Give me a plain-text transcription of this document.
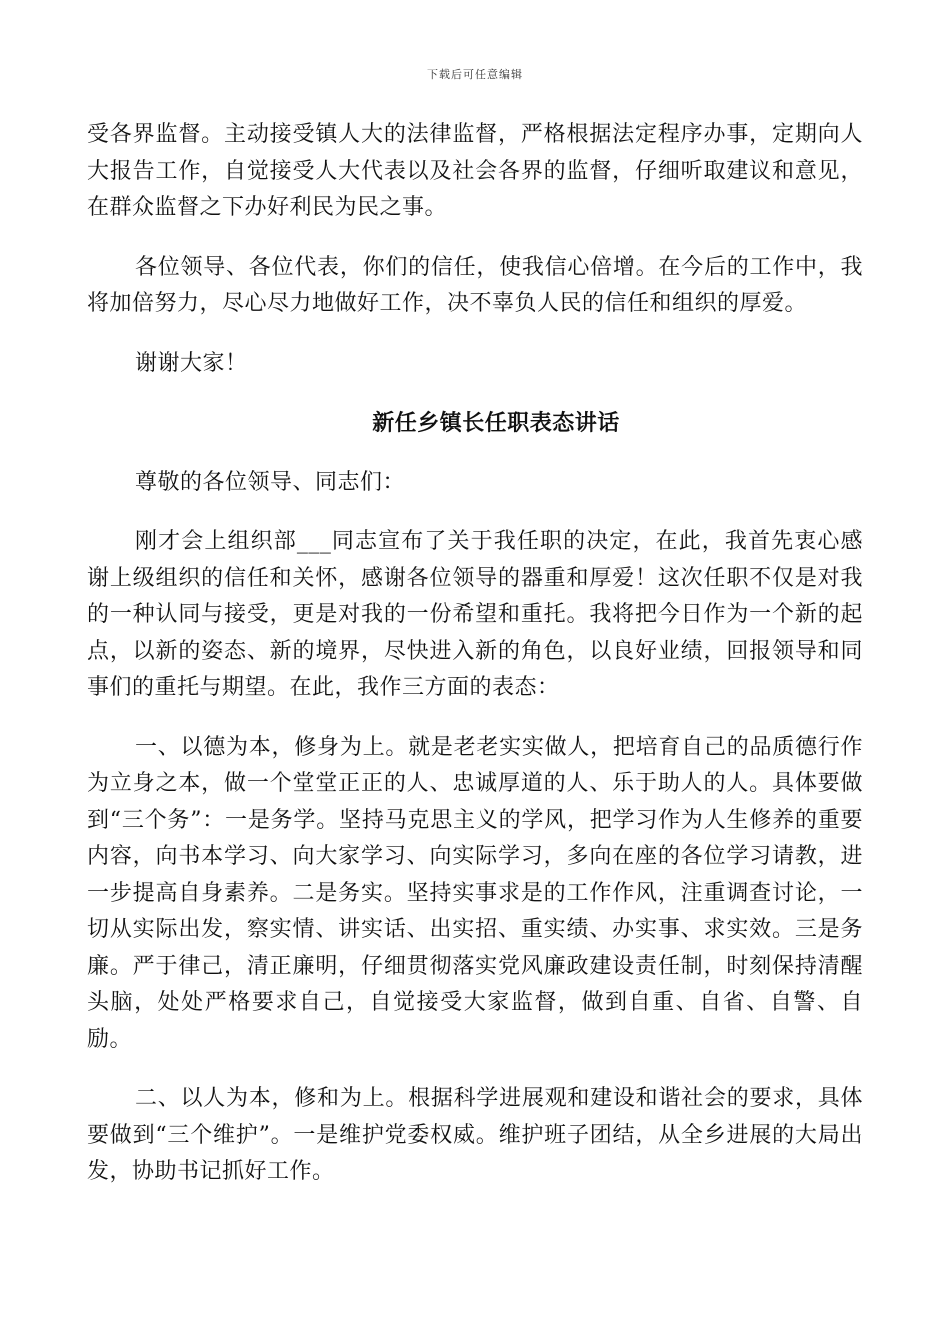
下载后可任意编辑

受各界监督。主动接受镇人大的法律监督，严格根据法定程序办事，定期向人大报告工作，自觉接受人大代表以及社会各界的监督，仔细听取建议和意见，在群众监督之下办好利民为民之事。

各位领导、各位代表，你们的信任，使我信心倍增。在今后的工作中，我将加倍努力，尽心尽力地做好工作，决不辜负人民的信任和组织的厚爱。

谢谢大家！

新任乡镇长任职表态讲话

尊敬的各位领导、同志们：

刚才会上组织部___同志宣布了关于我任职的决定，在此，我首先衷心感谢上级组织的信任和关怀，感谢各位领导的器重和厚爱！这次任职不仅是对我的一种认同与接受，更是对我的一份希望和重托。我将把今日作为一个新的起点，以新的姿态、新的境界，尽快进入新的角色，以良好业绩，回报领导和同事们的重托与期望。在此，我作三方面的表态：

一、以德为本，修身为上。就是老老实实做人，把培育自己的品质德行作为立身之本，做一个堂堂正正的人、忠诚厚道的人、乐于助人的人。具体要做到“三个务”：一是务学。坚持马克思主义的学风，把学习作为人生修养的重要内容，向书本学习、向大家学习、向实际学习，多向在座的各位学习请教，进一步提高自身素养。二是务实。坚持实事求是的工作作风，注重调查讨论，一切从实际出发，察实情、讲实话、出实招、重实绩、办实事、求实效。三是务廉。严于律己，清正廉明，仔细贯彻落实党风廉政建设责任制，时刻保持清醒头脑，处处严格要求自己，自觉接受大家监督，做到自重、自省、自警、自励。

二、以人为本，修和为上。根据科学进展观和建设和谐社会的要求，具体要做到“三个维护”。一是维护党委权威。维护班子团结，从全乡进展的大局出发，协助书记抓好工作。
